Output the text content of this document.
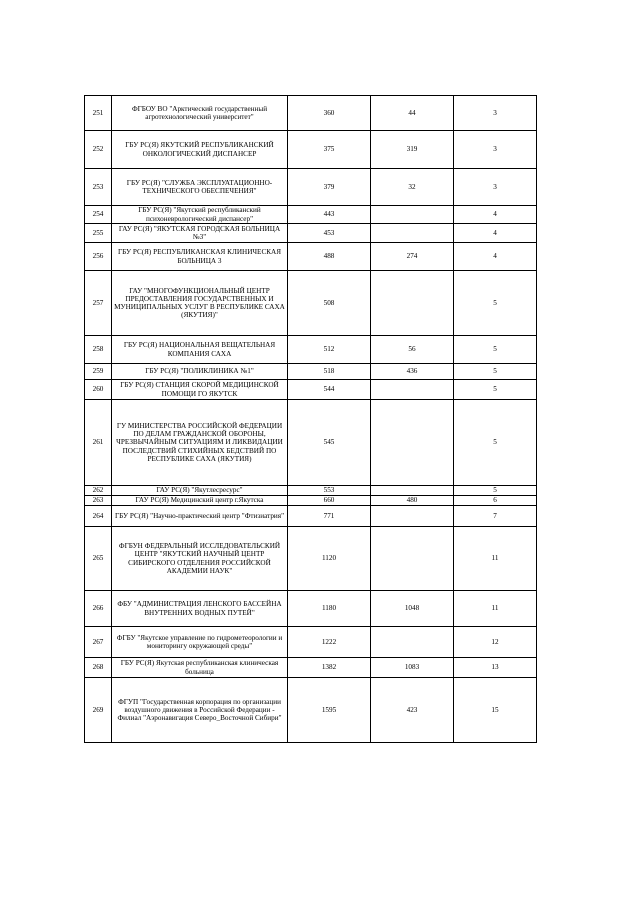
251	ФГБОУ ВО "Арктический государственный агротехнологический университет"	360	44	3
252	ГБУ РС(Я) ЯКУТСКИЙ РЕСПУБЛИКАНСКИЙ ОНКОЛОГИЧЕСКИЙ ДИСПАНСЕР	375	319	3
253	ГБУ РС(Я) "СЛУЖБА ЭКСПЛУАТАЦИОННО-ТЕХНИЧЕСКОГО ОБЕСПЕЧЕНИЯ"	379	32	3
254	ГБУ РС(Я) "Якутский республиканский психоневрологический диспансер"	443		4
255	ГАУ РС(Я) "ЯКУТСКАЯ ГОРОДСКАЯ БОЛЬНИЦА №3"	453		4
256	ГБУ РС(Я) РЕСПУБЛИКАНСКАЯ КЛИНИЧЕСКАЯ БОЛЬНИЦА 3	488	274	4
257	ГАУ "МНОГОФУНКЦИОНАЛЬНЫЙ ЦЕНТР ПРЕДОСТАВЛЕНИЯ ГОСУДАРСТВЕННЫХ И МУНИЦИПАЛЬНЫХ УСЛУГ В РЕСПУБЛИКЕ САХА (ЯКУТИЯ)"	508		5
258	ГБУ РС(Я) НАЦИОНАЛЬНАЯ ВЕЩАТЕЛЬНАЯ КОМПАНИЯ САХА	512	56	5
259	ГБУ РС(Я) "ПОЛИКЛИНИКА №1"	518	436	5
260	ГБУ РС(Я) СТАНЦИЯ СКОРОЙ МЕДИЦИНСКОЙ ПОМОЩИ ГО ЯКУТСК	544		5
261	ГУ МИНИСТЕРСТВА РОССИЙСКОЙ ФЕДЕРАЦИИ ПО ДЕЛАМ ГРАЖДАНСКОЙ ОБОРОНЫ, ЧРЕЗВЫЧАЙНЫМ СИТУАЦИЯМ И ЛИКВИДАЦИИ ПОСЛЕДСТВИЙ СТИХИЙНЫХ БЕДСТВИЙ ПО РЕСПУБЛИКЕ САХА (ЯКУТИЯ)	545		5
262	ГАУ РС(Я) "Якутлесресурс"	553		5
263	ГАУ РС(Я) Медицинский центр г.Якутска	660	480	6
264	ГБУ РС(Я) "Научно-практический центр "Фтизиатрия"	771		7
265	ФГБУН ФЕДЕРАЛЬНЫЙ ИССЛЕДОВАТЕЛЬСКИЙ ЦЕНТР "ЯКУТСКИЙ НАУЧНЫЙ ЦЕНТР СИБИРСКОГО ОТДЕЛЕНИЯ РОССИЙСКОЙ АКАДЕМИИ НАУК"	1120		11
266	ФБУ "АДМИНИСТРАЦИЯ ЛЕНСКОГО БАССЕЙНА ВНУТРЕННИХ ВОДНЫХ ПУТЕЙ"	1180	1048	11
267	ФГБУ "Якутское управление по гидрометеорологии и мониторингу окружающей среды"	1222		12
268	ГБУ РС(Я) Якутская республиканская клиническая больница	1382	1083	13
269	ФГУП "Государственная корпорация по организации воздушного движения в Российской Федерации - Филиал "Аэронавигация Северо_Восточной Сибири"	1595	423	15
